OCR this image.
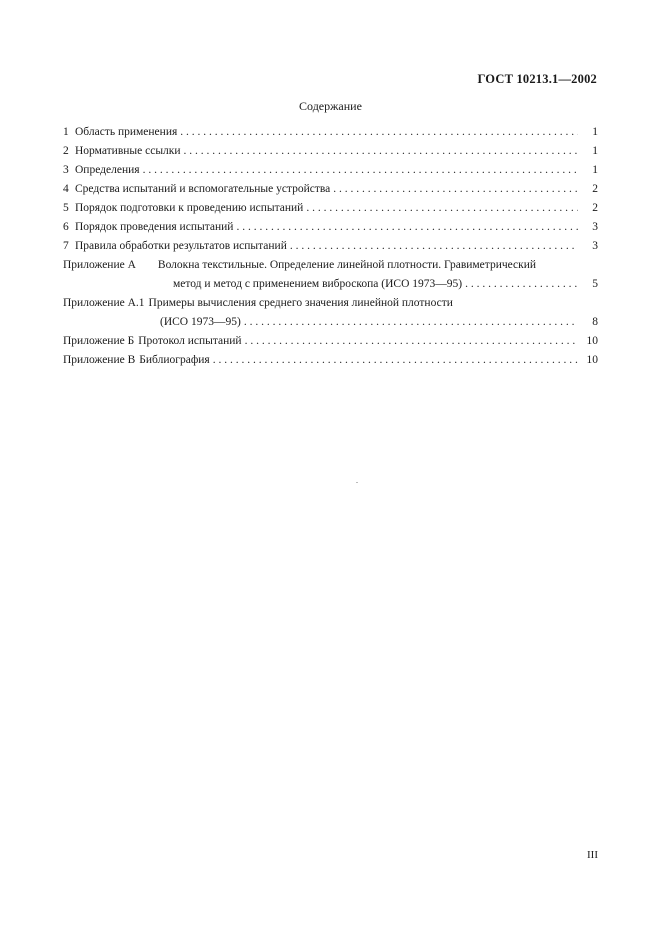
ГОСТ 10213.1—2002
Содержание
1 Область применения . . .	1
2 Нормативные ссылки . . .	1
3 Определения . . .	1
4 Средства испытаний и вспомогательные устройства . . .	2
5 Порядок подготовки к проведению испытаний . . .	2
6 Порядок проведения испытаний . . .	3
7 Правила обработки результатов испытаний . . .	3
Приложение А Волокна текстильные. Определение линейной плотности. Гравиметрический
метод и метод с применением виброскопа (ИСО 1973—95) . . .	5
Приложение А.1 Примеры вычисления среднего значения линейной плотности
(ИСО 1973—95) . . .	8
Приложение Б Протокол испытаний . . .	10
Приложение В Библиография . . .	10
III
